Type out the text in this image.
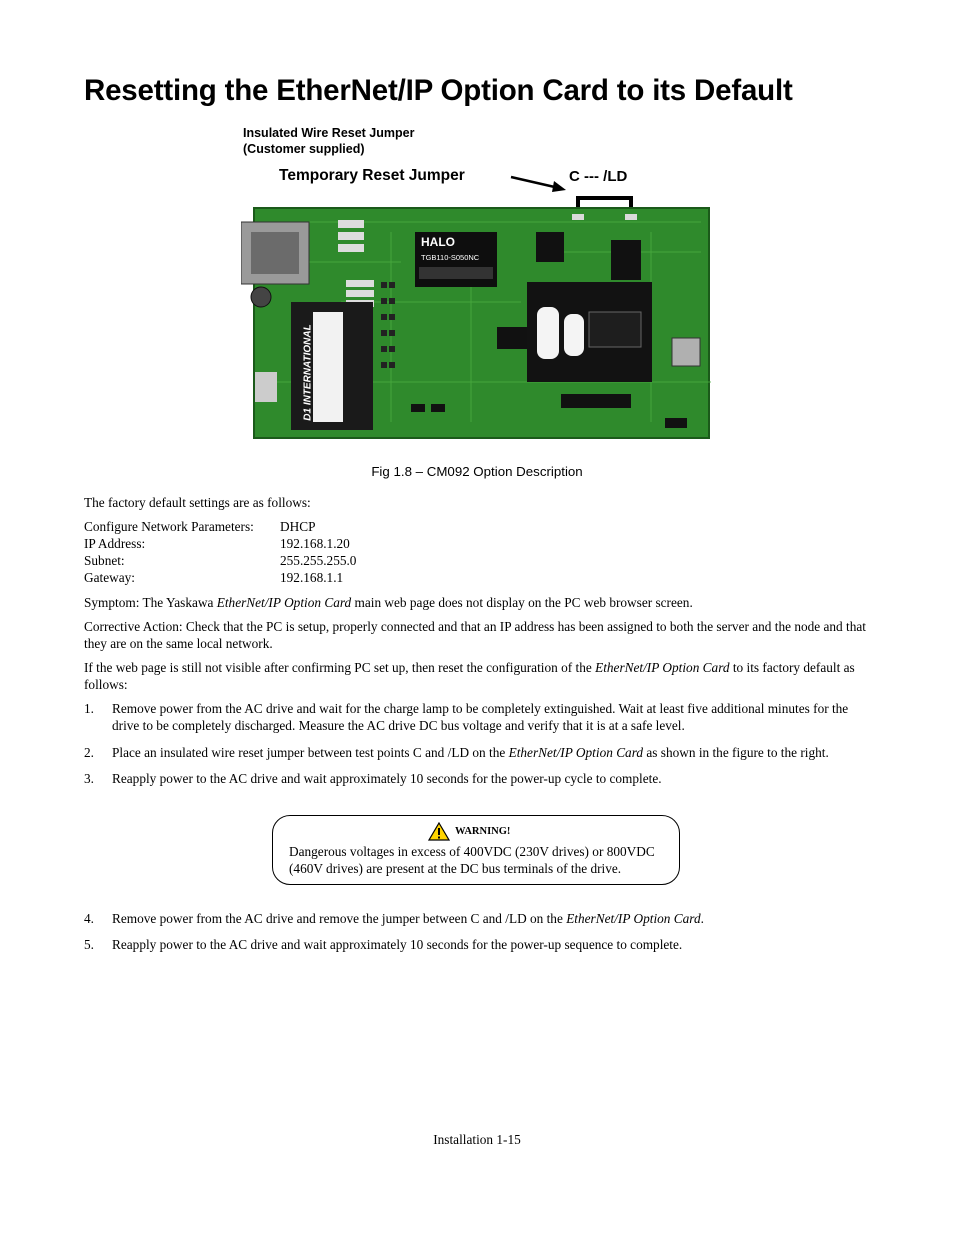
Resetting the EtherNet/IP Option Card to its Default
Insulated Wire Reset Jumper
(Customer supplied)
Temporary Reset Jumper	C --- /LD
HALO
TGB110-S050NC
D1 INTERNATIONAL
Fig 1.8 – CM092 Option Description
The factory default settings are as follows:
Configure Network Parameters: DHCP
IP Address:	192.168.1.20
Subnet:	255.255.255.0
Gateway:	192.168.1.1
Symptom: The Yaskawa EtherNet/IP Option Card main web page does not display on the PC web browser screen.
Corrective Action: Check that the PC is setup, properly connected and that an IP address has been assigned to both the server and the node and that they are on the same local network.
If the web page is still not visible after confirming PC set up, then reset the configuration of the EtherNet/IP Option Card to its factory default as follows:
1. Remove power from the AC drive and wait for the charge lamp to be completely extinguished. Wait at least five additional minutes for the drive to be completely discharged. Measure the AC drive DC bus voltage and verify that it is at a safe level.
2. Place an insulated wire reset jumper between test points C and /LD on the EtherNet/IP Option Card as shown in the figure to the right.
3. Reapply power to the AC drive and wait approximately 10 seconds for the power-up cycle to complete.
4. Remove power from the AC drive and remove the jumper between C and /LD on the EtherNet/IP Option Card.
5. Reapply power to the AC drive and wait approximately 10 seconds for the power-up sequence to complete.
WARNING!
Dangerous voltages in excess of 400VDC (230V drives) or 800VDC (460V drives) are present at the DC bus terminals of the drive.
Installation 1-15
